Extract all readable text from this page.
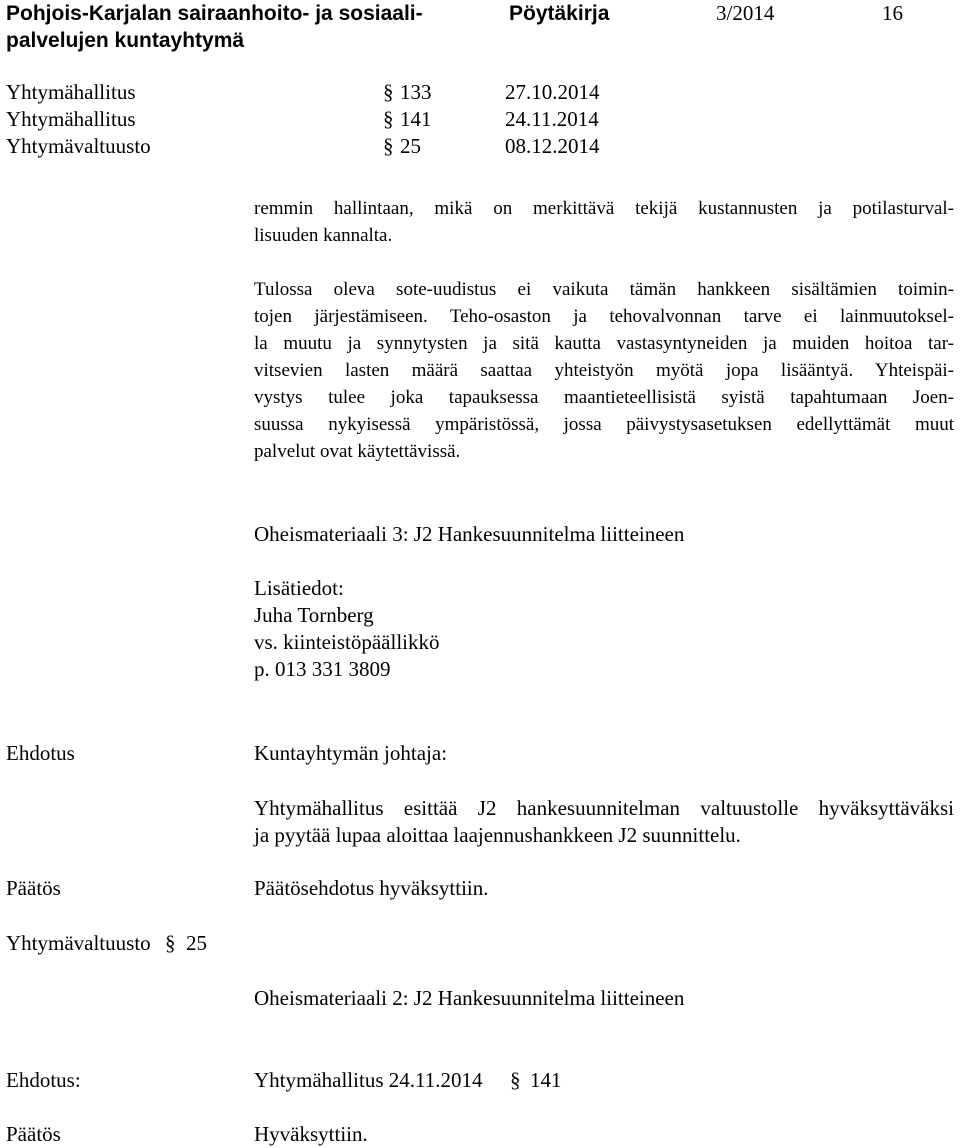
Pohjois-Karjalan sairaanhoito- ja sosiaali-
palvelujen kuntayhtymä
Pöytäkirja	3/2014	16
Yhtymähallitus	§ 133	27.10.2014
Yhtymähallitus	§ 141	24.11.2014
Yhtymävaltuusto	§ 25	08.12.2014
remmin hallintaan, mikä on merkittävä tekijä kustannusten ja potilasturval-
lisuuden kannalta.
Tulossa oleva sote-uudistus ei vaikuta tämän hankkeen sisältämien toimin-
tojen järjestämiseen. Teho-osaston ja tehovalvonnan tarve ei lainmuutoksel-
la muutu ja synnytysten ja sitä kautta vastasyntyneiden ja muiden hoitoa tar-
vitsevien lasten määrä saattaa yhteistyön myötä jopa lisääntyä. Yhteispäi-
vystys tulee joka tapauksessa maantieteellisistä syistä tapahtumaan Joen-
suussa nykyisessä ympäristössä, jossa päivystysasetuksen edellyttämät muut
palvelut ovat käytettävissä.
Oheismateriaali 3: J2 Hankesuunnitelma liitteineen
Lisätiedot:
Juha Tornberg
vs. kiinteistöpäällikkö
p. 013 331 3809
Ehdotus	Kuntayhtymän johtaja:
Yhtymähallitus esittää J2 hankesuunnitelman valtuustolle hyväksyttäväksi
ja pyytää lupaa aloittaa laajennushankkeen J2 suunnittelu.
Päätös	Päätösehdotus hyväksyttiin.
Yhtymävaltuusto § 25
Oheismateriaali 2: J2 Hankesuunnitelma liitteineen
Ehdotus:	Yhtymähallitus 24.11.2014 § 141
Päätös	Hyväksyttiin.
